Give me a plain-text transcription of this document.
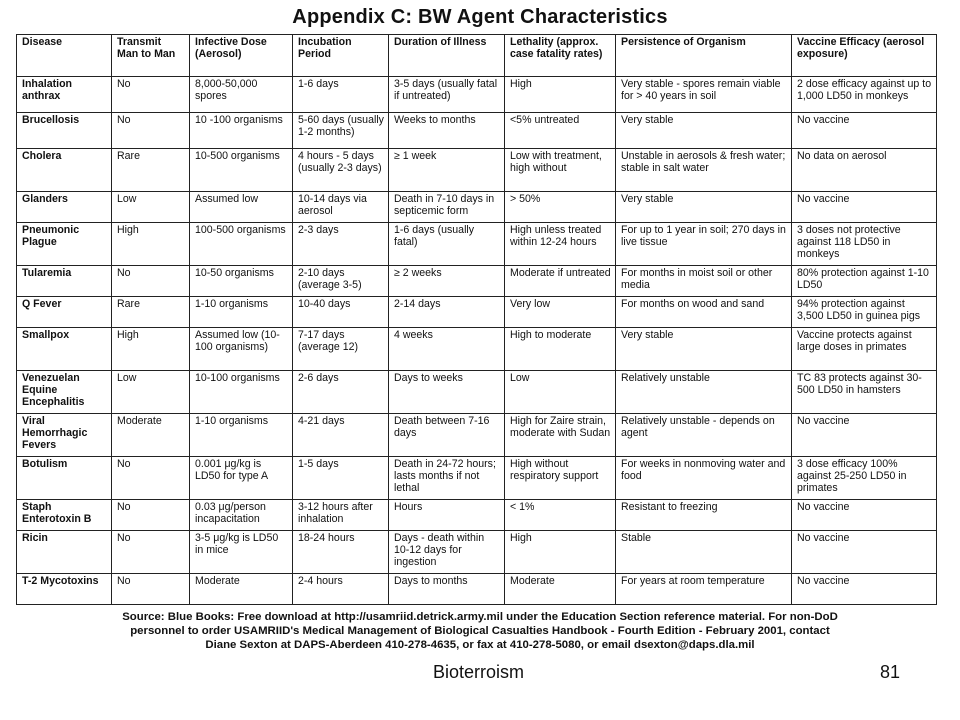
Appendix C: BW Agent Characteristics
Disease	Transmit Man to Man	Infective Dose (Aerosol)	Incubation Period	Duration of Illness	Lethality (approx. case fatality rates)	Persistence of Organism	Vaccine Efficacy (aerosol exposure)
Inhalation anthrax	No	8,000-50,000 spores	1-6 days	3-5 days (usually fatal if untreated)	High	Very stable - spores remain viable for > 40 years in soil	2 dose efficacy against up to 1,000 LD50 in monkeys
Brucellosis	No	10 -100 organisms	5-60 days (usually 1-2 months)	Weeks to months	<5% untreated	Very stable	No vaccine
Cholera	Rare	10-500 organisms	4 hours - 5 days (usually 2-3 days)	≥ 1 week	Low with treatment, high without	Unstable in aerosols & fresh water; stable in salt water	No data on aerosol
Glanders	Low	Assumed low	10-14 days via aerosol	Death in 7-10 days in septicemic form	> 50%	Very stable	No vaccine
Pneumonic Plague	High	100-500 organisms	2-3 days	1-6 days (usually fatal)	High unless treated within 12-24 hours	For up to 1 year in soil; 270 days in live tissue	3 doses not protective against 118 LD50 in monkeys
Tularemia	No	10-50 organisms	2-10 days (average 3-5)	≥ 2 weeks	Moderate if untreated	For months in moist soil or other media	80% protection against 1-10 LD50
Q Fever	Rare	1-10 organisms	10-40 days	2-14 days	Very low	For months on wood and sand	94% protection against 3,500 LD50 in guinea pigs
Smallpox	High	Assumed low (10-100 organisms)	7-17 days (average 12)	4 weeks	High to moderate	Very stable	Vaccine protects against large doses in primates
Venezuelan Equine Encephalitis	Low	10-100 organisms	2-6 days	Days to weeks	Low	Relatively unstable	TC 83 protects against 30-500 LD50 in hamsters
Viral Hemorrhagic Fevers	Moderate	1-10 organisms	4-21 days	Death between 7-16 days	High for Zaire strain, moderate with Sudan	Relatively unstable - depends on agent	No vaccine
Botulism	No	0.001 μg/kg is LD50 for type A	1-5 days	Death in 24-72 hours; lasts months if not lethal	High without respiratory support	For weeks in nonmoving water and food	3 dose efficacy 100% against 25-250 LD50 in primates
Staph Enterotoxin B	No	0.03 μg/person incapacitation	3-12 hours after inhalation	Hours	< 1%	Resistant to freezing	No vaccine
Ricin	No	3-5 μg/kg is LD50 in mice	18-24 hours	Days - death within 10-12 days for ingestion	High	Stable	No vaccine
T-2 Mycotoxins	No	Moderate	2-4 hours	Days to months	Moderate	For years at room temperature	No vaccine
Source: Blue Books: Free download at http://usamriid.detrick.army.mil under the Education Section reference material. For non-DoD
personnel to order USAMRIID's Medical Management of Biological Casualties Handbook - Fourth Edition - February 2001, contact
Diane Sexton at DAPS-Aberdeen 410-278-4635, or fax at 410-278-5080, or email dsexton@daps.dla.mil
Bioterroism	81
